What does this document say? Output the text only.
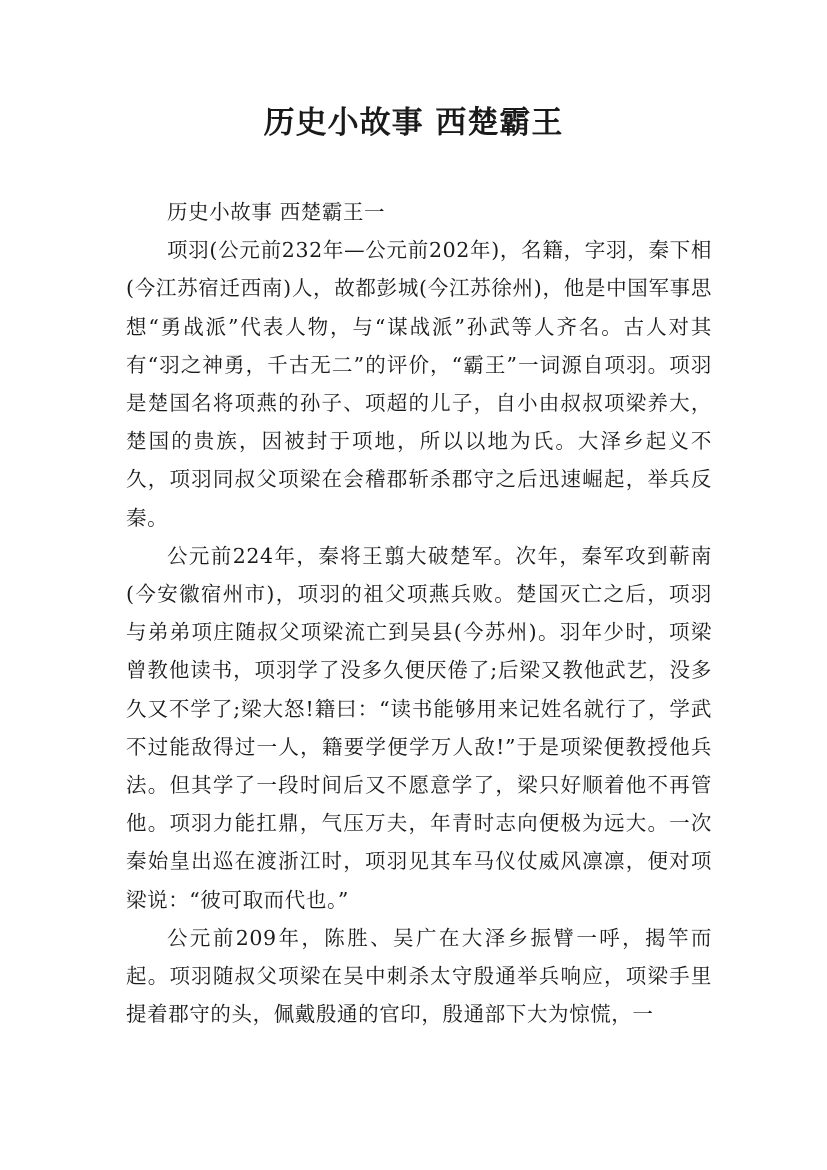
历史小故事 西楚霸王

历史小故事 西楚霸王一

项羽(公元前232年—公元前202年)，名籍，字羽，秦下相(今江苏宿迁西南)人，故都彭城(今江苏徐州)，他是中国军事思想“勇战派”代表人物，与“谋战派”孙武等人齐名。古人对其有“羽之神勇，千古无二”的评价，“霸王”一词源自项羽。项羽是楚国名将项燕的孙子、项超的儿子，自小由叔叔项梁养大，楚国的贵族，因被封于项地，所以以地为氏。大泽乡起义不久，项羽同叔父项梁在会稽郡斩杀郡守之后迅速崛起，举兵反秦。

公元前224年，秦将王翦大破楚军。次年，秦军攻到蕲南(今安徽宿州市)，项羽的祖父项燕兵败。楚国灭亡之后，项羽与弟弟项庄随叔父项梁流亡到吴县(今苏州)。羽年少时，项梁曾教他读书，项羽学了没多久便厌倦了;后梁又教他武艺，没多久又不学了;梁大怒!籍曰：“读书能够用来记姓名就行了，学武不过能敌得过一人，籍要学便学万人敌!”于是项梁便教授他兵法。但其学了一段时间后又不愿意学了，梁只好顺着他不再管他。项羽力能扛鼎，气压万夫，年青时志向便极为远大。一次秦始皇出巡在渡浙江时，项羽见其车马仪仗威风凛凛，便对项梁说：“彼可取而代也。”

公元前209年，陈胜、吴广在大泽乡振臂一呼，揭竿而起。项羽随叔父项梁在吴中刺杀太守殷通举兵响应，项梁手里提着郡守的头，佩戴殷通的官印，殷通部下大为惊慌，一
